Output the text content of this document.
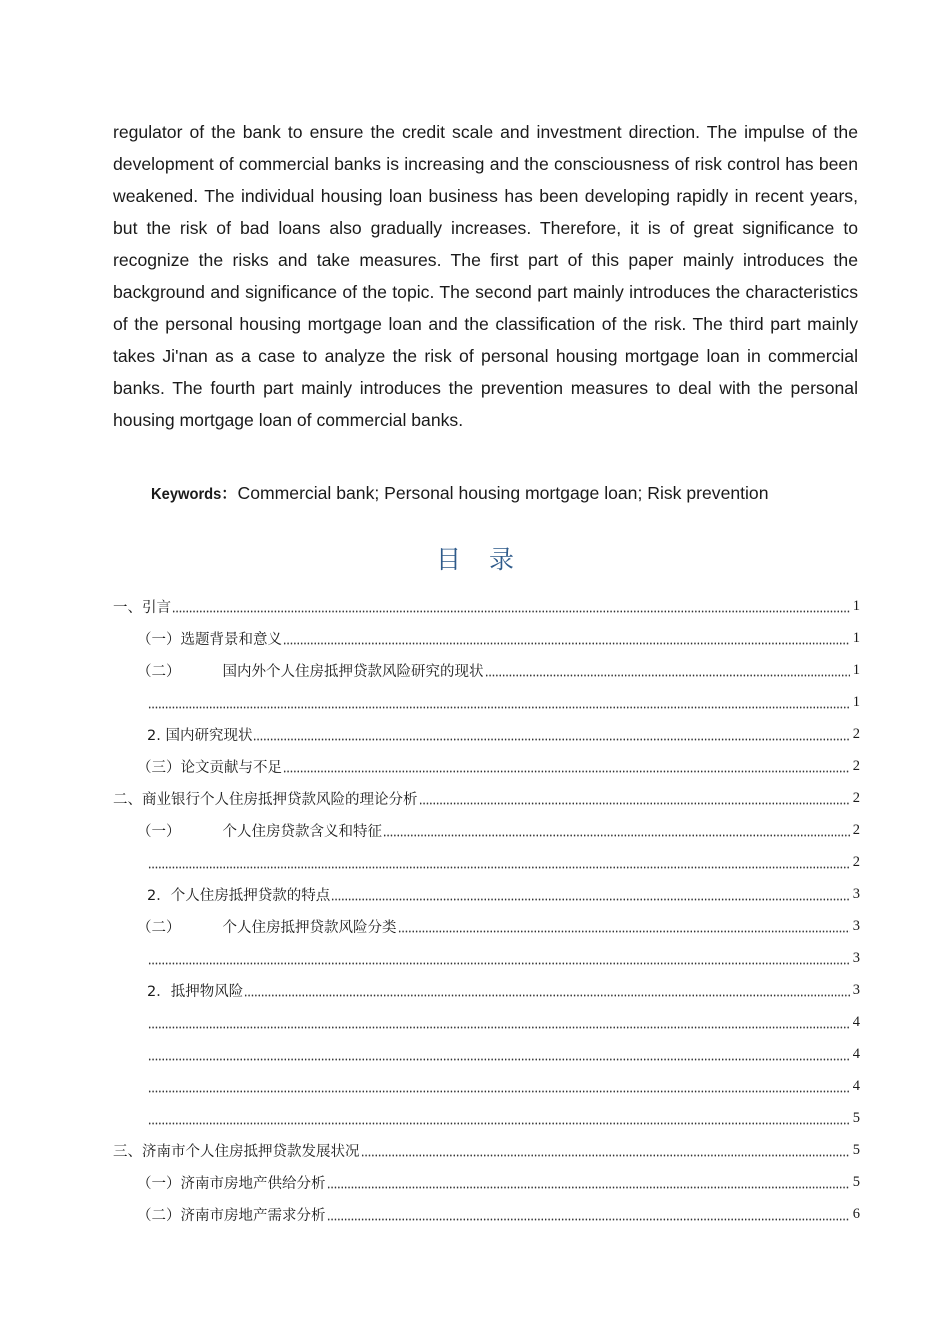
regulator of the bank to ensure the credit scale and investment direction. The impulse of the development of commercial banks is increasing and the consciousness of risk control has been weakened. The individual housing loan business has been developing rapidly in recent years, but the risk of bad loans also gradually increases. Therefore, it is of great significance to recognize the risks and take measures. The first part of this paper mainly introduces the background and significance of the topic. The second part mainly introduces the characteristics of the personal housing mortgage loan and the classification of the risk. The third part mainly takes Ji'nan as a case to analyze the risk of personal housing mortgage loan in commercial banks. The fourth part mainly introduces the prevention measures to deal with the personal housing mortgage loan of commercial banks.

Keywords：Commercial bank; Personal housing mortgage loan; Risk prevention
目录
一、引言	1
（一）选题背景和意义	1
（二）	国内外个人住房抵押贷款风险研究的现状	1
1
2. 国内研究现状	2
（三）论文贡献与不足	2
二、商业银行个人住房抵押贷款风险的理论分析	2
（一）	个人住房贷款含义和特征	2
2
2．个人住房抵押贷款的特点	3
（二）	个人住房抵押贷款风险分类	3
3
2．抵押物风险	3
4
4
4
5
三、济南市个人住房抵押贷款发展状况	5
（一）济南市房地产供给分析	5
（二）济南市房地产需求分析	6
